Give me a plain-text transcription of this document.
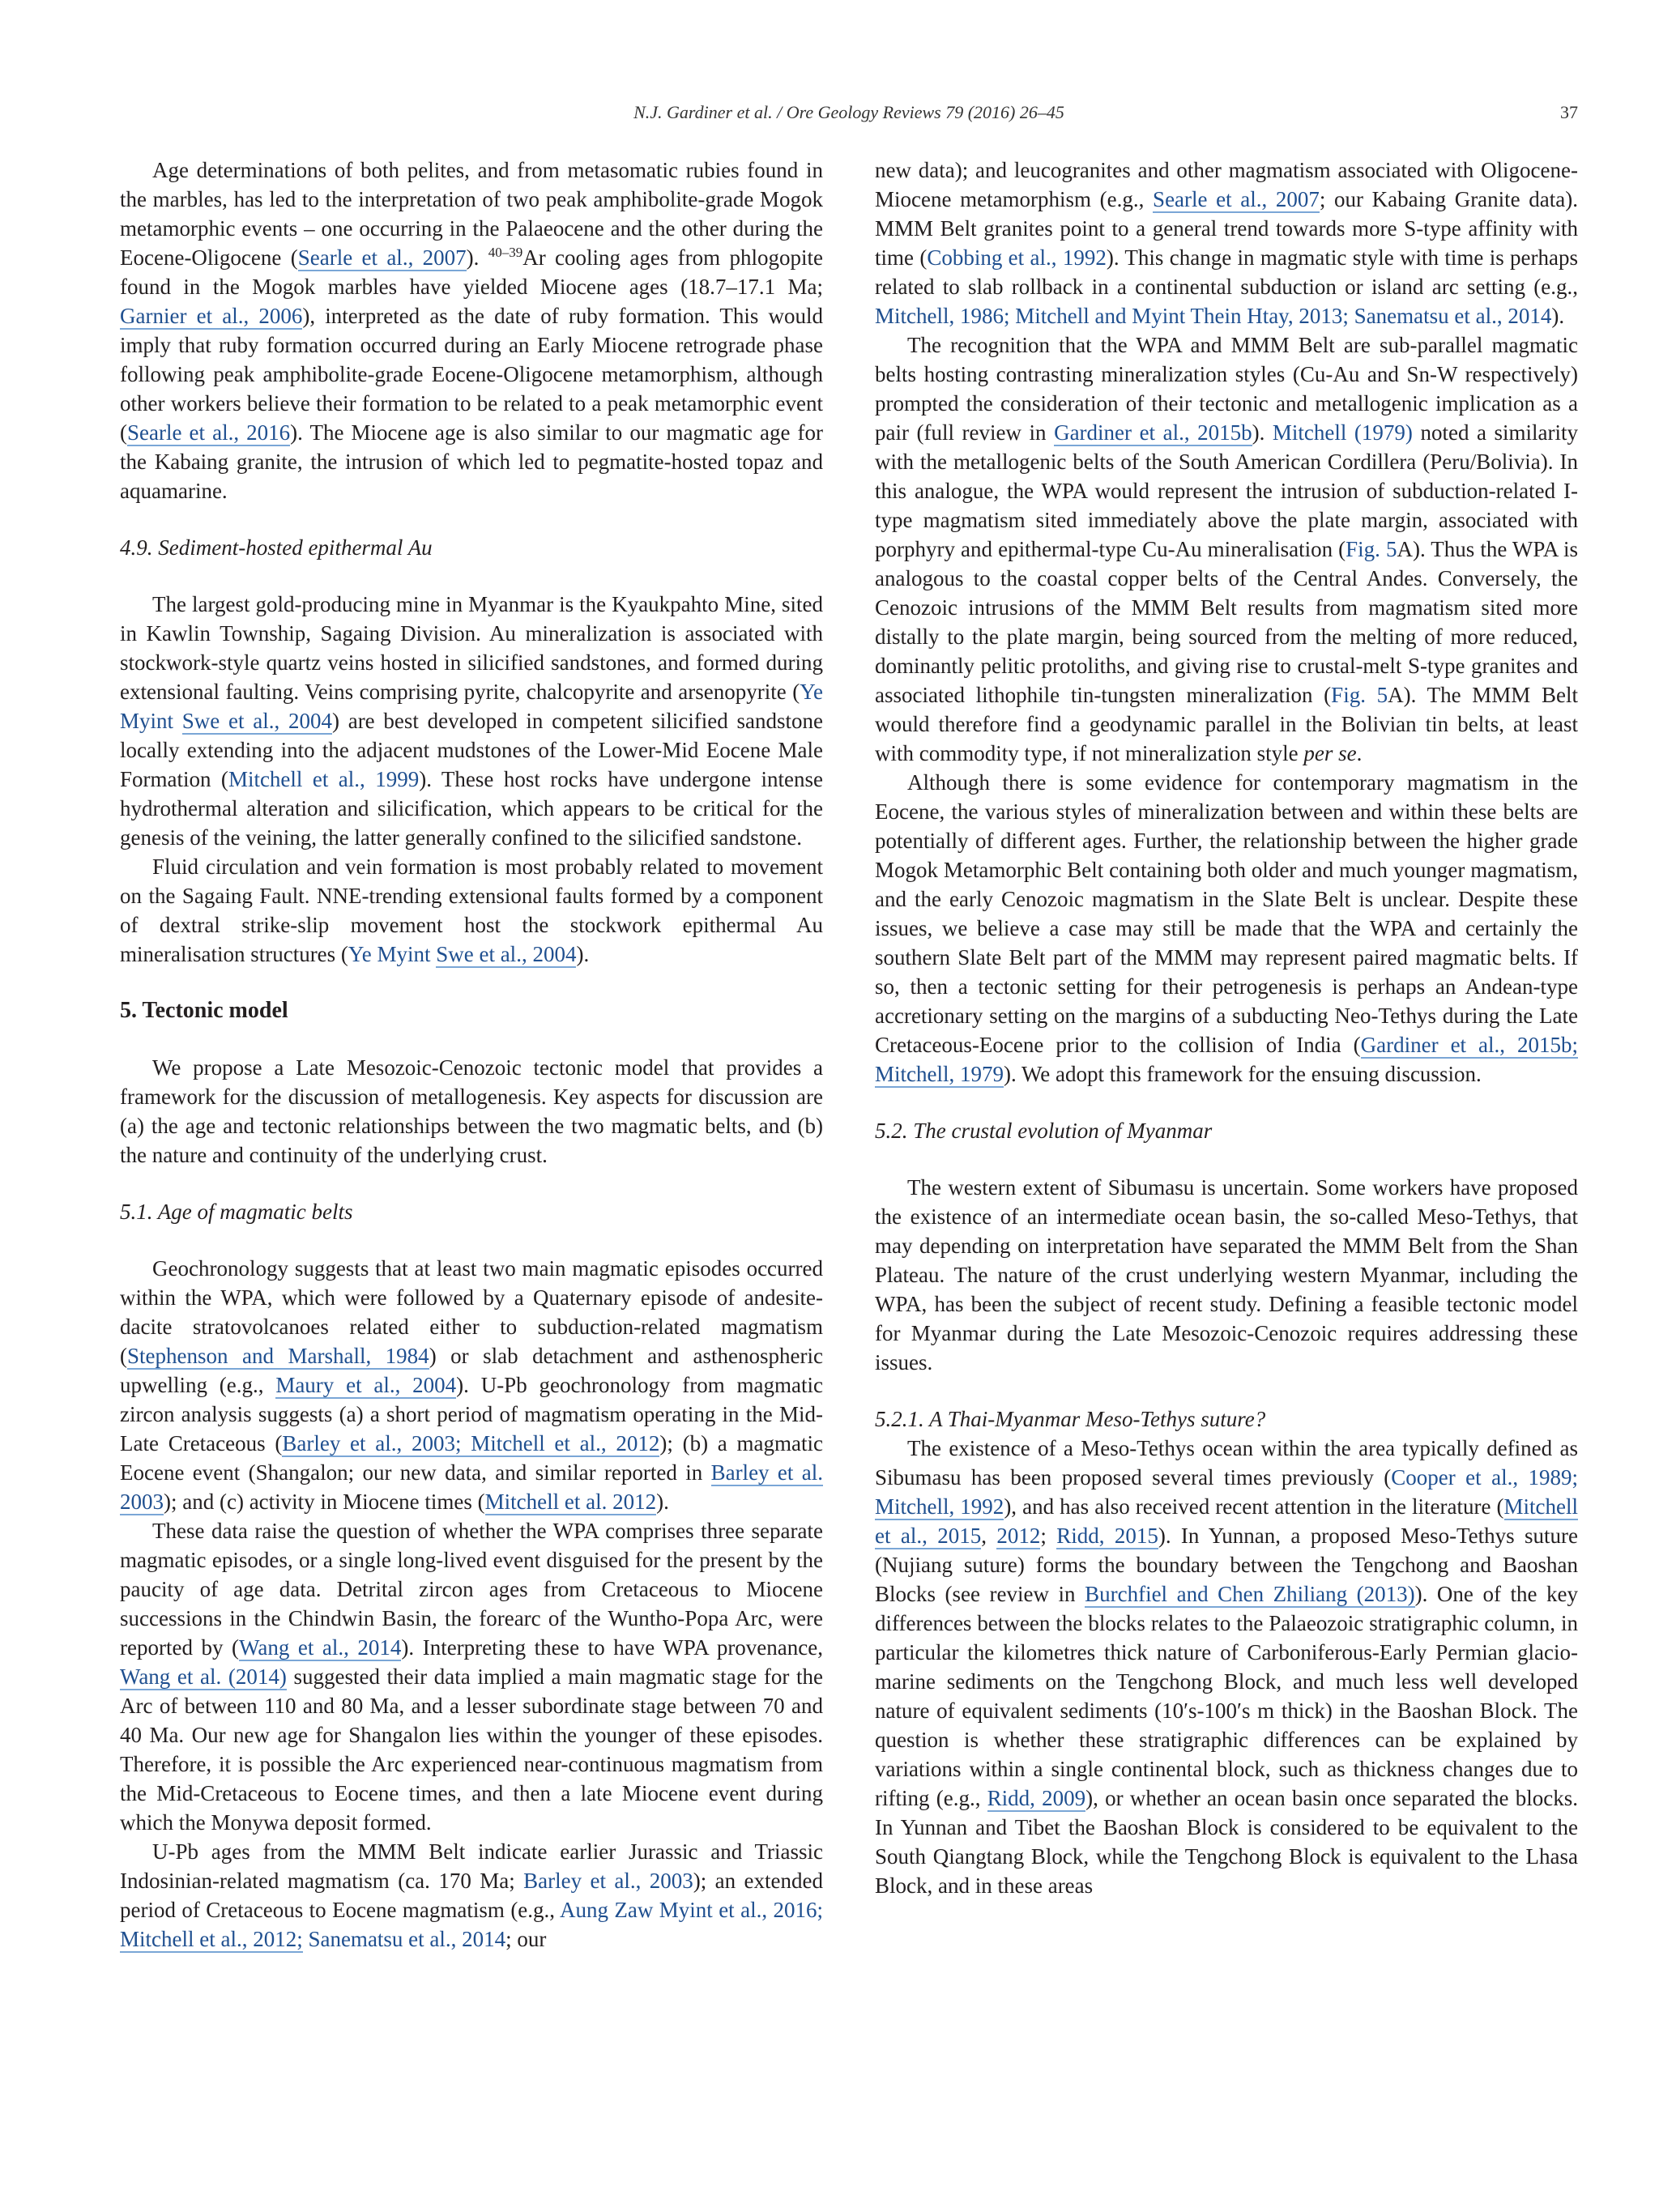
N.J. Gardiner et al. / Ore Geology Reviews 79 (2016) 26–45	37

Age determinations of both pelites, and from metasomatic rubies found in the marbles, has led to the interpretation of two peak amphibolite-grade Mogok metamorphic events – one occurring in the Palaeocene and the other during the Eocene-Oligocene (Searle et al., 2007). $^{40-39}$Ar cooling ages from phlogopite found in the Mogok marbles have yielded Miocene ages (18.7–17.1 Ma; Garnier et al., 2006), interpreted as the date of ruby formation. This would imply that ruby formation occurred during an Early Miocene retrograde phase following peak amphibolite-grade Eocene-Oligocene metamorphism, although other workers believe their formation to be related to a peak metamorphic event (Searle et al., 2016). The Miocene age is also similar to our magmatic age for the Kabaing granite, the intrusion of which led to pegmatite-hosted topaz and aquamarine.

4.9. Sediment-hosted epithermal Au

The largest gold-producing mine in Myanmar is the Kyaukpahto Mine, sited in Kawlin Township, Sagaing Division. Au mineralization is associated with stockwork-style quartz veins hosted in silicified sandstones, and formed during extensional faulting. Veins comprising pyrite, chalcopyrite and arsenopyrite (Ye Myint Swe et al., 2004) are best developed in competent silicified sandstone locally extending into the adjacent mudstones of the Lower-Mid Eocene Male Formation (Mitchell et al., 1999). These host rocks have undergone intense hydrothermal alteration and silicification, which appears to be critical for the genesis of the veining, the latter generally confined to the silicified sandstone.

Fluid circulation and vein formation is most probably related to movement on the Sagaing Fault. NNE-trending extensional faults formed by a component of dextral strike-slip movement host the stockwork epithermal Au mineralisation structures (Ye Myint Swe et al., 2004).

5. Tectonic model

We propose a Late Mesozoic-Cenozoic tectonic model that provides a framework for the discussion of metallogenesis. Key aspects for discussion are (a) the age and tectonic relationships between the two magmatic belts, and (b) the nature and continuity of the underlying crust.

5.1. Age of magmatic belts

Geochronology suggests that at least two main magmatic episodes occurred within the WPA, which were followed by a Quaternary episode of andesite-dacite stratovolcanoes related either to subduction-related magmatism (Stephenson and Marshall, 1984) or slab detachment and asthenospheric upwelling (e.g., Maury et al., 2004). U-Pb geochronology from magmatic zircon analysis suggests (a) a short period of magmatism operating in the Mid-Late Cretaceous (Barley et al., 2003; Mitchell et al., 2012); (b) a magmatic Eocene event (Shangalon; our new data, and similar reported in Barley et al. 2003); and (c) activity in Miocene times (Mitchell et al. 2012).

These data raise the question of whether the WPA comprises three separate magmatic episodes, or a single long-lived event disguised for the present by the paucity of age data. Detrital zircon ages from Cretaceous to Miocene successions in the Chindwin Basin, the forearc of the Wuntho-Popa Arc, were reported by (Wang et al., 2014). Interpreting these to have WPA provenance, Wang et al. (2014) suggested their data implied a main magmatic stage for the Arc of between 110 and 80 Ma, and a lesser subordinate stage between 70 and 40 Ma. Our new age for Shangalon lies within the younger of these episodes. Therefore, it is possible the Arc experienced near-continuous magmatism from the Mid-Cretaceous to Eocene times, and then a late Miocene event during which the Monywa deposit formed.

U-Pb ages from the MMM Belt indicate earlier Jurassic and Triassic Indosinian-related magmatism (ca. 170 Ma; Barley et al., 2003); an extended period of Cretaceous to Eocene magmatism (e.g., Aung Zaw Myint et al., 2016; Mitchell et al., 2012; Sanematsu et al., 2014; our

new data); and leucogranites and other magmatism associated with Oligocene-Miocene metamorphism (e.g., Searle et al., 2007; our Kabaing Granite data). MMM Belt granites point to a general trend towards more S-type affinity with time (Cobbing et al., 1992). This change in magmatic style with time is perhaps related to slab rollback in a continental subduction or island arc setting (e.g., Mitchell, 1986; Mitchell and Myint Thein Htay, 2013; Sanematsu et al., 2014).

The recognition that the WPA and MMM Belt are sub-parallel magmatic belts hosting contrasting mineralization styles (Cu-Au and Sn-W respectively) prompted the consideration of their tectonic and metallogenic implication as a pair (full review in Gardiner et al., 2015b). Mitchell (1979) noted a similarity with the metallogenic belts of the South American Cordillera (Peru/Bolivia). In this analogue, the WPA would represent the intrusion of subduction-related I-type magmatism sited immediately above the plate margin, associated with porphyry and epithermal-type Cu-Au mineralisation (Fig. 5A). Thus the WPA is analogous to the coastal copper belts of the Central Andes. Conversely, the Cenozoic intrusions of the MMM Belt results from magmatism sited more distally to the plate margin, being sourced from the melting of more reduced, dominantly pelitic protoliths, and giving rise to crustal-melt S-type granites and associated lithophile tin-tungsten mineralization (Fig. 5A). The MMM Belt would therefore find a geodynamic parallel in the Bolivian tin belts, at least with commodity type, if not mineralization style per se.

Although there is some evidence for contemporary magmatism in the Eocene, the various styles of mineralization between and within these belts are potentially of different ages. Further, the relationship between the higher grade Mogok Metamorphic Belt containing both older and much younger magmatism, and the early Cenozoic magmatism in the Slate Belt is unclear. Despite these issues, we believe a case may still be made that the WPA and certainly the southern Slate Belt part of the MMM may represent paired magmatic belts. If so, then a tectonic setting for their petrogenesis is perhaps an Andean-type accretionary setting on the margins of a subducting Neo-Tethys during the Late Cretaceous-Eocene prior to the collision of India (Gardiner et al., 2015b; Mitchell, 1979). We adopt this framework for the ensuing discussion.

5.2. The crustal evolution of Myanmar

The western extent of Sibumasu is uncertain. Some workers have proposed the existence of an intermediate ocean basin, the so-called Meso-Tethys, that may depending on interpretation have separated the MMM Belt from the Shan Plateau. The nature of the crust underlying western Myanmar, including the WPA, has been the subject of recent study. Defining a feasible tectonic model for Myanmar during the Late Mesozoic-Cenozoic requires addressing these issues.

5.2.1. A Thai-Myanmar Meso-Tethys suture?

The existence of a Meso-Tethys ocean within the area typically defined as Sibumasu has been proposed several times previously (Cooper et al., 1989; Mitchell, 1992), and has also received recent attention in the literature (Mitchell et al., 2015, 2012; Ridd, 2015). In Yunnan, a proposed Meso-Tethys suture (Nujiang suture) forms the boundary between the Tengchong and Baoshan Blocks (see review in Burchfiel and Chen Zhiliang (2013)). One of the key differences between the blocks relates to the Palaeozoic stratigraphic column, in particular the kilometres thick nature of Carboniferous-Early Permian glacio-marine sediments on the Tengchong Block, and much less well developed nature of equivalent sediments (10′s-100′s m thick) in the Baoshan Block. The question is whether these stratigraphic differences can be explained by variations within a single continental block, such as thickness changes due to rifting (e.g., Ridd, 2009), or whether an ocean basin once separated the blocks. In Yunnan and Tibet the Baoshan Block is considered to be equivalent to the South Qiangtang Block, while the Tengchong Block is equivalent to the Lhasa Block, and in these areas
